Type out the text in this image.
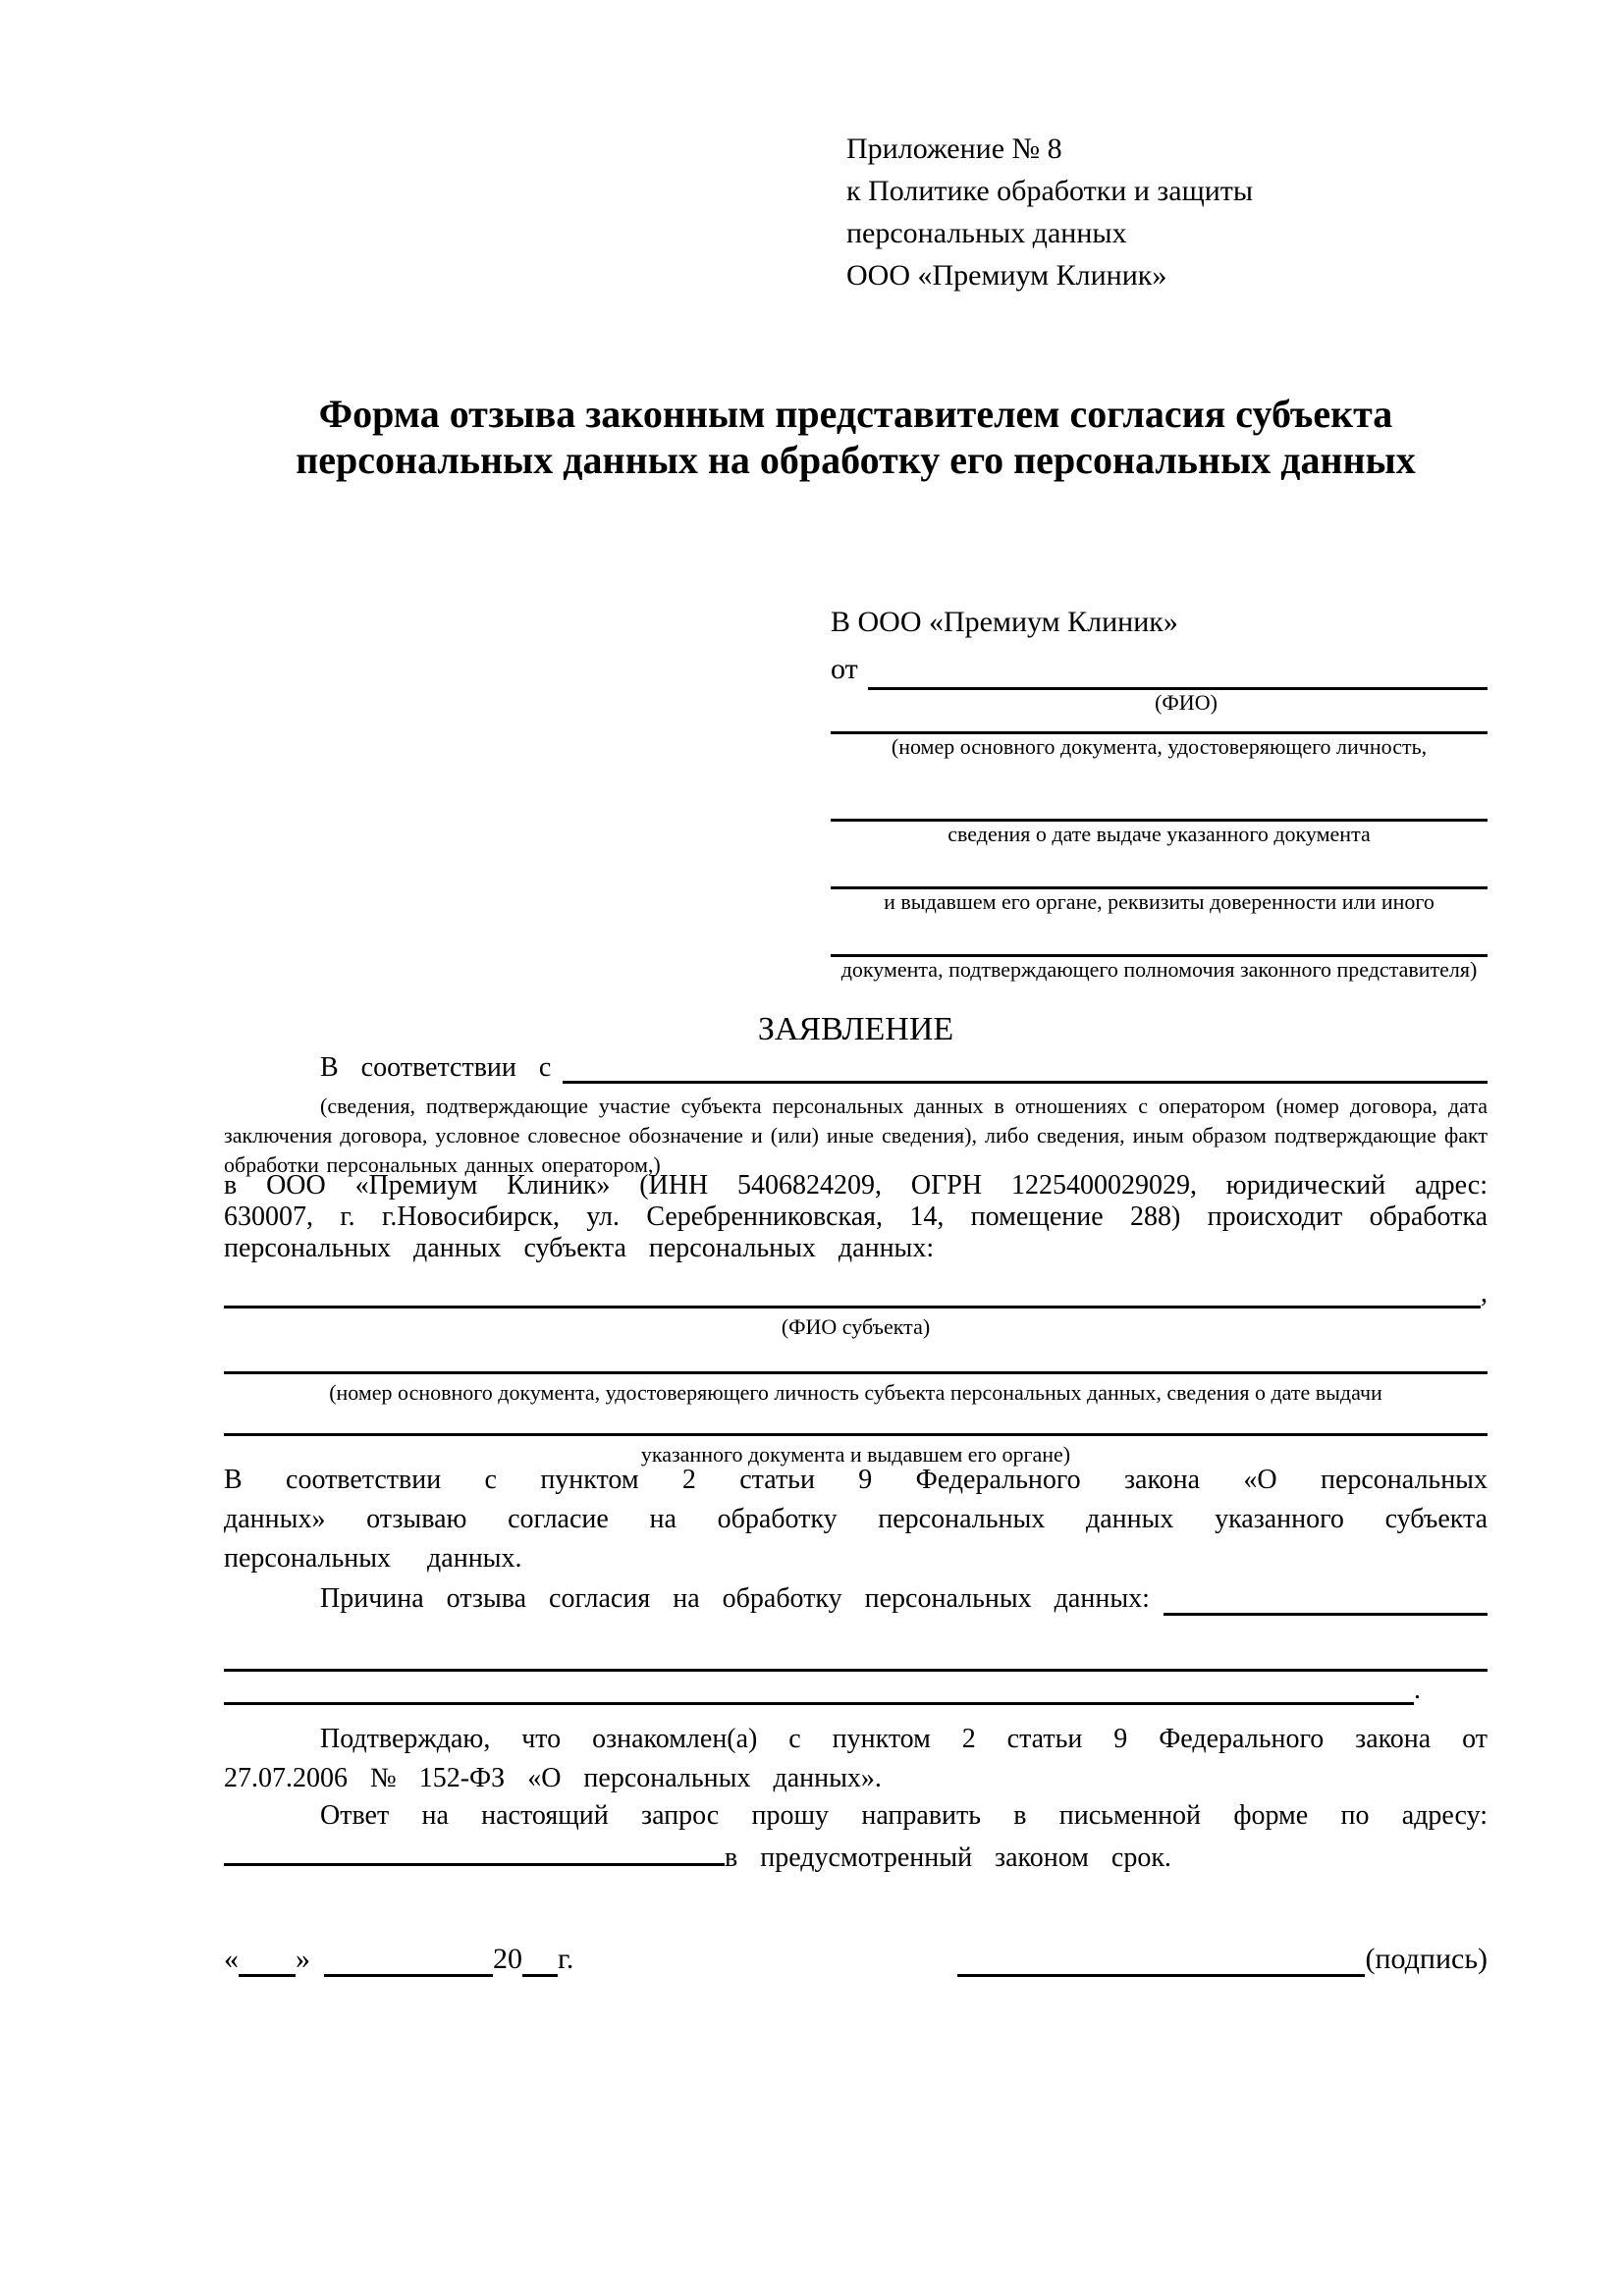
Приложение № 8
к Политике обработки и защиты
персональных данных
ООО «Премиум Клиник»
Форма отзыва законным представителем согласия субъекта
персональных данных на обработку его персональных данных
В ООО «Премиум Клиник»
от
(ФИО)
(номер основного документа, удостоверяющего личность,
сведения о дате выдаче указанного документа
и выдавшем его органе, реквизиты доверенности или иного
документа, подтверждающего полномочия законного представителя)
ЗАЯВЛЕНИЕ
В соответствии с
(сведения, подтверждающие участие субъекта персональных данных в отношениях с оператором (номер договора, дата заключения договора, условное словесное обозначение и (или) иные сведения), либо сведения, иным образом подтверждающие факт обработки персональных данных оператором,)
в ООО «Премиум Клиник» (ИНН 5406824209, ОГРН 1225400029029, юридический адрес: 630007, г. г.Новосибирск, ул. Серебренниковская, 14, помещение 288) происходит обработка персональных данных субъекта персональных данных:
,
(ФИО субъекта)
(номер основного документа, удостоверяющего личность субъекта персональных данных, сведения о дате выдачи
указанного документа и выдавшем его органе)
В соответствии с пунктом 2 статьи 9 Федерального закона «О персональных данных» отзываю согласие на обработку персональных данных указанного субъекта персональных данных.
Причина отзыва согласия на обработку персональных данных:
.
Подтверждаю, что ознакомлен(а) с пунктом 2 статьи 9 Федерального закона от 27.07.2006 № 152-ФЗ «О персональных данных».
Ответ на настоящий запрос прошу направить в письменной форме по адресу: в предусмотренный законом срок.
« »	20 г.	(подпись)
